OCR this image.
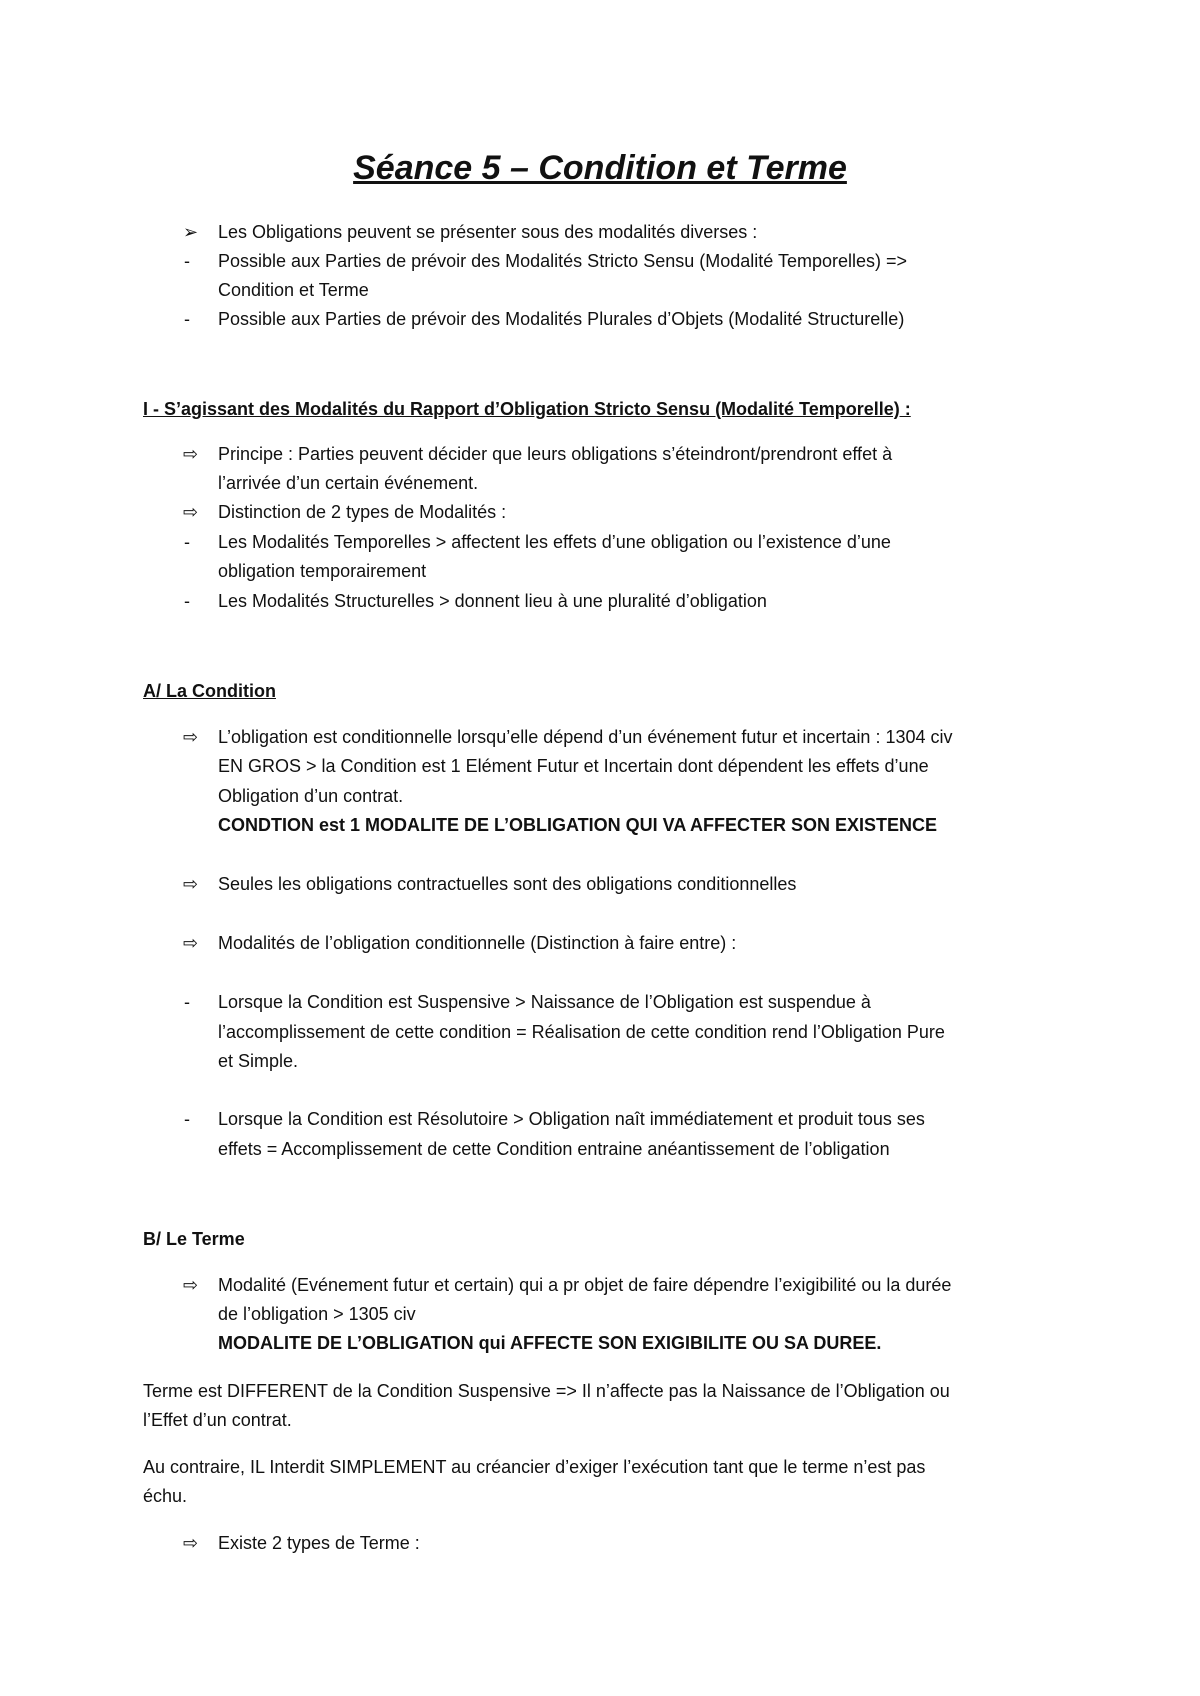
Séance 5 – Condition et Terme
➢ Les Obligations peuvent se présenter sous des modalités diverses :
- Possible aux Parties de prévoir des Modalités Stricto Sensu (Modalité Temporelles) =>
Condition et Terme
- Possible aux Parties de prévoir des Modalités Plurales d’Objets (Modalité Structurelle)
I - S’agissant des Modalités du Rapport d’Obligation Stricto Sensu (Modalité Temporelle) :
⇨ Principe : Parties peuvent décider que leurs obligations s’éteindront/prendront effet à
l’arrivée d’un certain événement.
⇨ Distinction de 2 types de Modalités :
- Les Modalités Temporelles > affectent les effets d’une obligation ou l’existence d’une
obligation temporairement
- Les Modalités Structurelles > donnent lieu à une pluralité d’obligation
A/ La Condition
⇨ L’obligation est conditionnelle lorsqu’elle dépend d’un événement futur et incertain : 1304 civ
EN GROS > la Condition est 1 Elément Futur et Incertain dont dépendent les effets d’une
Obligation d’un contrat.
CONDTION est 1 MODALITE DE L’OBLIGATION QUI VA AFFECTER SON EXISTENCE
⇨ Seules les obligations contractuelles sont des obligations conditionnelles
⇨ Modalités de l’obligation conditionnelle (Distinction à faire entre) :
- Lorsque la Condition est Suspensive > Naissance de l’Obligation est suspendue à
l’accomplissement de cette condition = Réalisation de cette condition rend l’Obligation Pure
et Simple.
- Lorsque la Condition est Résolutoire > Obligation naît immédiatement et produit tous ses
effets = Accomplissement de cette Condition entraine anéantissement de l’obligation
B/ Le Terme
⇨ Modalité (Evénement futur et certain) qui a pr objet de faire dépendre l’exigibilité ou la durée
de l’obligation > 1305 civ
MODALITE DE L’OBLIGATION qui AFFECTE SON EXIGIBILITE OU SA DUREE.
Terme est DIFFERENT de la Condition Suspensive => Il n’affecte pas la Naissance de l’Obligation ou
l’Effet d’un contrat.
Au contraire, IL Interdit SIMPLEMENT au créancier d’exiger l’exécution tant que le terme n’est pas
échu.
⇨ Existe 2 types de Terme :
